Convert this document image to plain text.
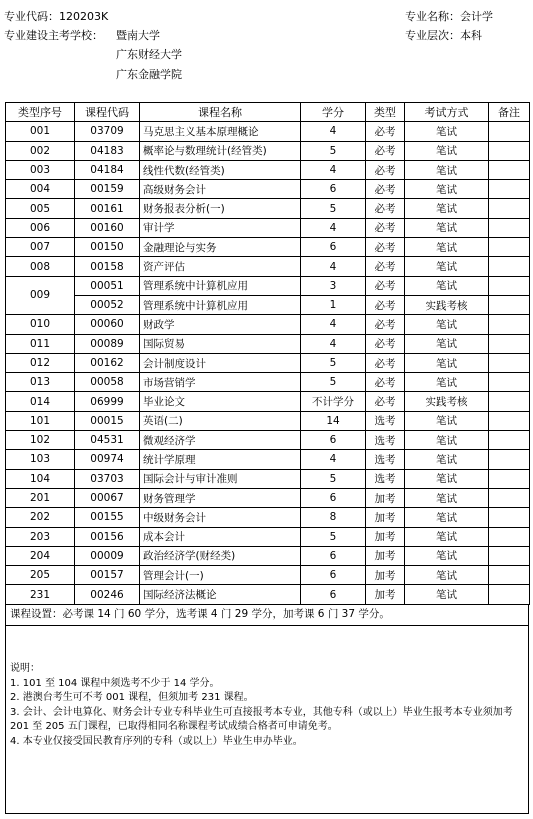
专业代码：120203K	专业名称：会计学
专业建设主考学校： 暨南大学	专业层次：本科
广东财经大学
广东金融学院
类型序号	课程代码	课程名称	学分	类型	考试方式	备注
001	03709	马克思主义基本原理概论	4	必考	笔试	
002	04183	概率论与数理统计(经管类)	5	必考	笔试	
003	04184	线性代数(经管类)	4	必考	笔试	
004	00159	高级财务会计	6	必考	笔试	
005	00161	财务报表分析(一)	5	必考	笔试	
006	00160	审计学	4	必考	笔试	
007	00150	金融理论与实务	6	必考	笔试	
008	00158	资产评估	4	必考	笔试	
009	00051	管理系统中计算机应用	3	必考	笔试	
	00052	管理系统中计算机应用	1	必考	实践考核	
010	00060	财政学	4	必考	笔试	
011	00089	国际贸易	4	必考	笔试	
012	00162	会计制度设计	5	必考	笔试	
013	00058	市场营销学	5	必考	笔试	
014	06999	毕业论文	不计学分	必考	实践考核	
101	00015	英语(二)	14	选考	笔试	
102	04531	微观经济学	6	选考	笔试	
103	00974	统计学原理	4	选考	笔试	
104	03703	国际会计与审计准则	5	选考	笔试	
201	00067	财务管理学	6	加考	笔试	
202	00155	中级财务会计	8	加考	笔试	
203	00156	成本会计	5	加考	笔试	
204	00009	政治经济学(财经类)	6	加考	笔试	
205	00157	管理会计(一)	6	加考	笔试	
231	00246	国际经济法概论	6	加考	笔试	
课程设置：必考课 14 门 60 学分，选考课 4 门 29 学分，加考课 6 门 37 学分。
说明：
1. 101 至 104 课程中须选考不少于 14 学分。
2. 港澳台考生可不考 001 课程，但须加考 231 课程。
3. 会计、会计电算化、财务会计专业专科毕业生可直接报考本专业，其他专科（或以上）毕业生报考本专业须加考 201 至 205 五门课程，已取得相同名称课程考试成绩合格者可申请免考。
4. 本专业仅接受国民教育序列的专科（或以上）毕业生申办毕业。
